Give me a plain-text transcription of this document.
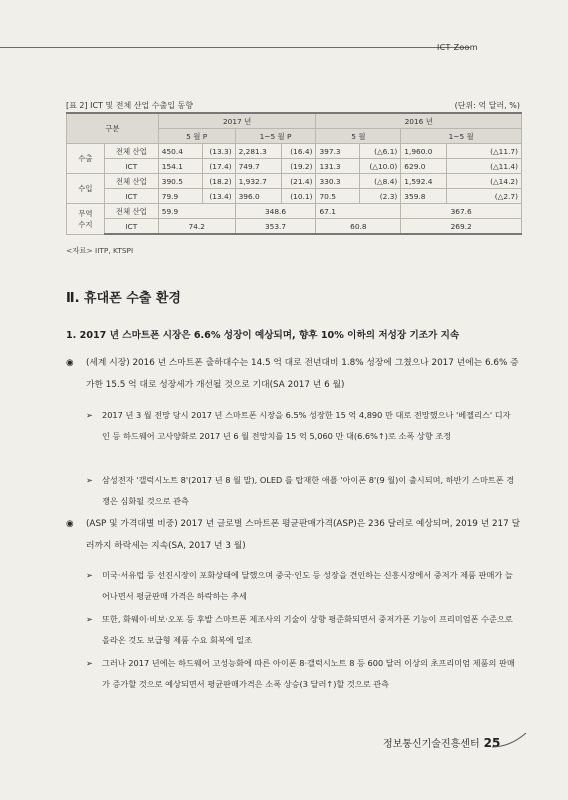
ICT Zoom
[표 2] ICT 및 전체 산업 수출입 동향	(단위: 억 달러, %)
구분		2017 년				2016 년			
		5 월 P		1~5 월 P		5 월		1~5 월	
수출	전체 산업	450.4	(13.3)	2,281.3	(16.4)	397.3	(△6.1)	1,960.0	(△11.7)
	ICT	154.1	(17.4)	749.7	(19.2)	131.3	(△10.0)	629.0	(△11.4)
수입	전체 산업	390.5	(18.2)	1,932.7	(21.4)	330.3	(△8.4)	1,592.4	(△14.2)
	ICT	79.9	(13.4)	396.0	(10.1)	70.5	(2.3)	359.8	(△2.7)
무역
수지	전체 산업	59.9		348.6		67.1		367.6	
	ICT	74.2		353.7		60.8		269.2	
<자료> IITP, KTSPI
Ⅱ. 휴대폰 수출 환경
1. 2017 년 스마트폰 시장은 6.6% 성장이 예상되며, 향후 10% 이하의 저성장 기조가 지속
◉ (세계 시장) 2016 년 스마트폰 출하대수는 14.5 억 대로 전년대비 1.8% 성장에 그쳤으나 2017 년에는 6.6% 증가한 15.5 억 대로 성장세가 개선될 것으로 기대(SA 2017 년 6 월)
➢ 2017 년 3 월 전망 당시 2017 년 스마트폰 시장을 6.5% 성장한 15 억 4,890 만 대로 전망했으나 '베젤리스' 디자인 등 하드웨어 고사양화로 2017 년 6 월 전망치를 15 억 5,060 만 대(6.6%↑)로 소폭 상향 조정
➢ 삼성전자 '갤럭시노트 8'(2017 년 8 월 말), OLED 를 탑재한 애플 '아이폰 8'(9 월)이 출시되며, 하반기 스마트폰 경쟁은 심화될 것으로 관측
◉ (ASP 및 가격대별 비중) 2017 년 글로벌 스마트폰 평균판매가격(ASP)은 236 달러로 예상되며, 2019 년 217 달러까지 하락세는 지속(SA, 2017 년 3 월)
➢ 미국·서유럽 등 선진시장이 포화상태에 달했으며 중국·인도 등 성장을 견인하는 신흥시장에서 중저가 제품 판매가 늘어나면서 평균판매 가격은 하락하는 추세
➢ 또한, 화웨이·비보·오포 등 후발 스마트폰 제조사의 기술이 상향 평준화되면서 중저가폰 기능이 프리미엄폰 수준으로 올라온 것도 보급형 제품 수요 회복에 일조
➢ 그러나 2017 년에는 하드웨어 고성능화에 따른 아이폰 8·갤럭시노트 8 등 600 달러 이상의 초프리미엄 제품의 판매가 증가할 것으로 예상되면서 평균판매가격은 소폭 상승(3 달러↑)할 것으로 관측
정보통신기술진흥센터 25
